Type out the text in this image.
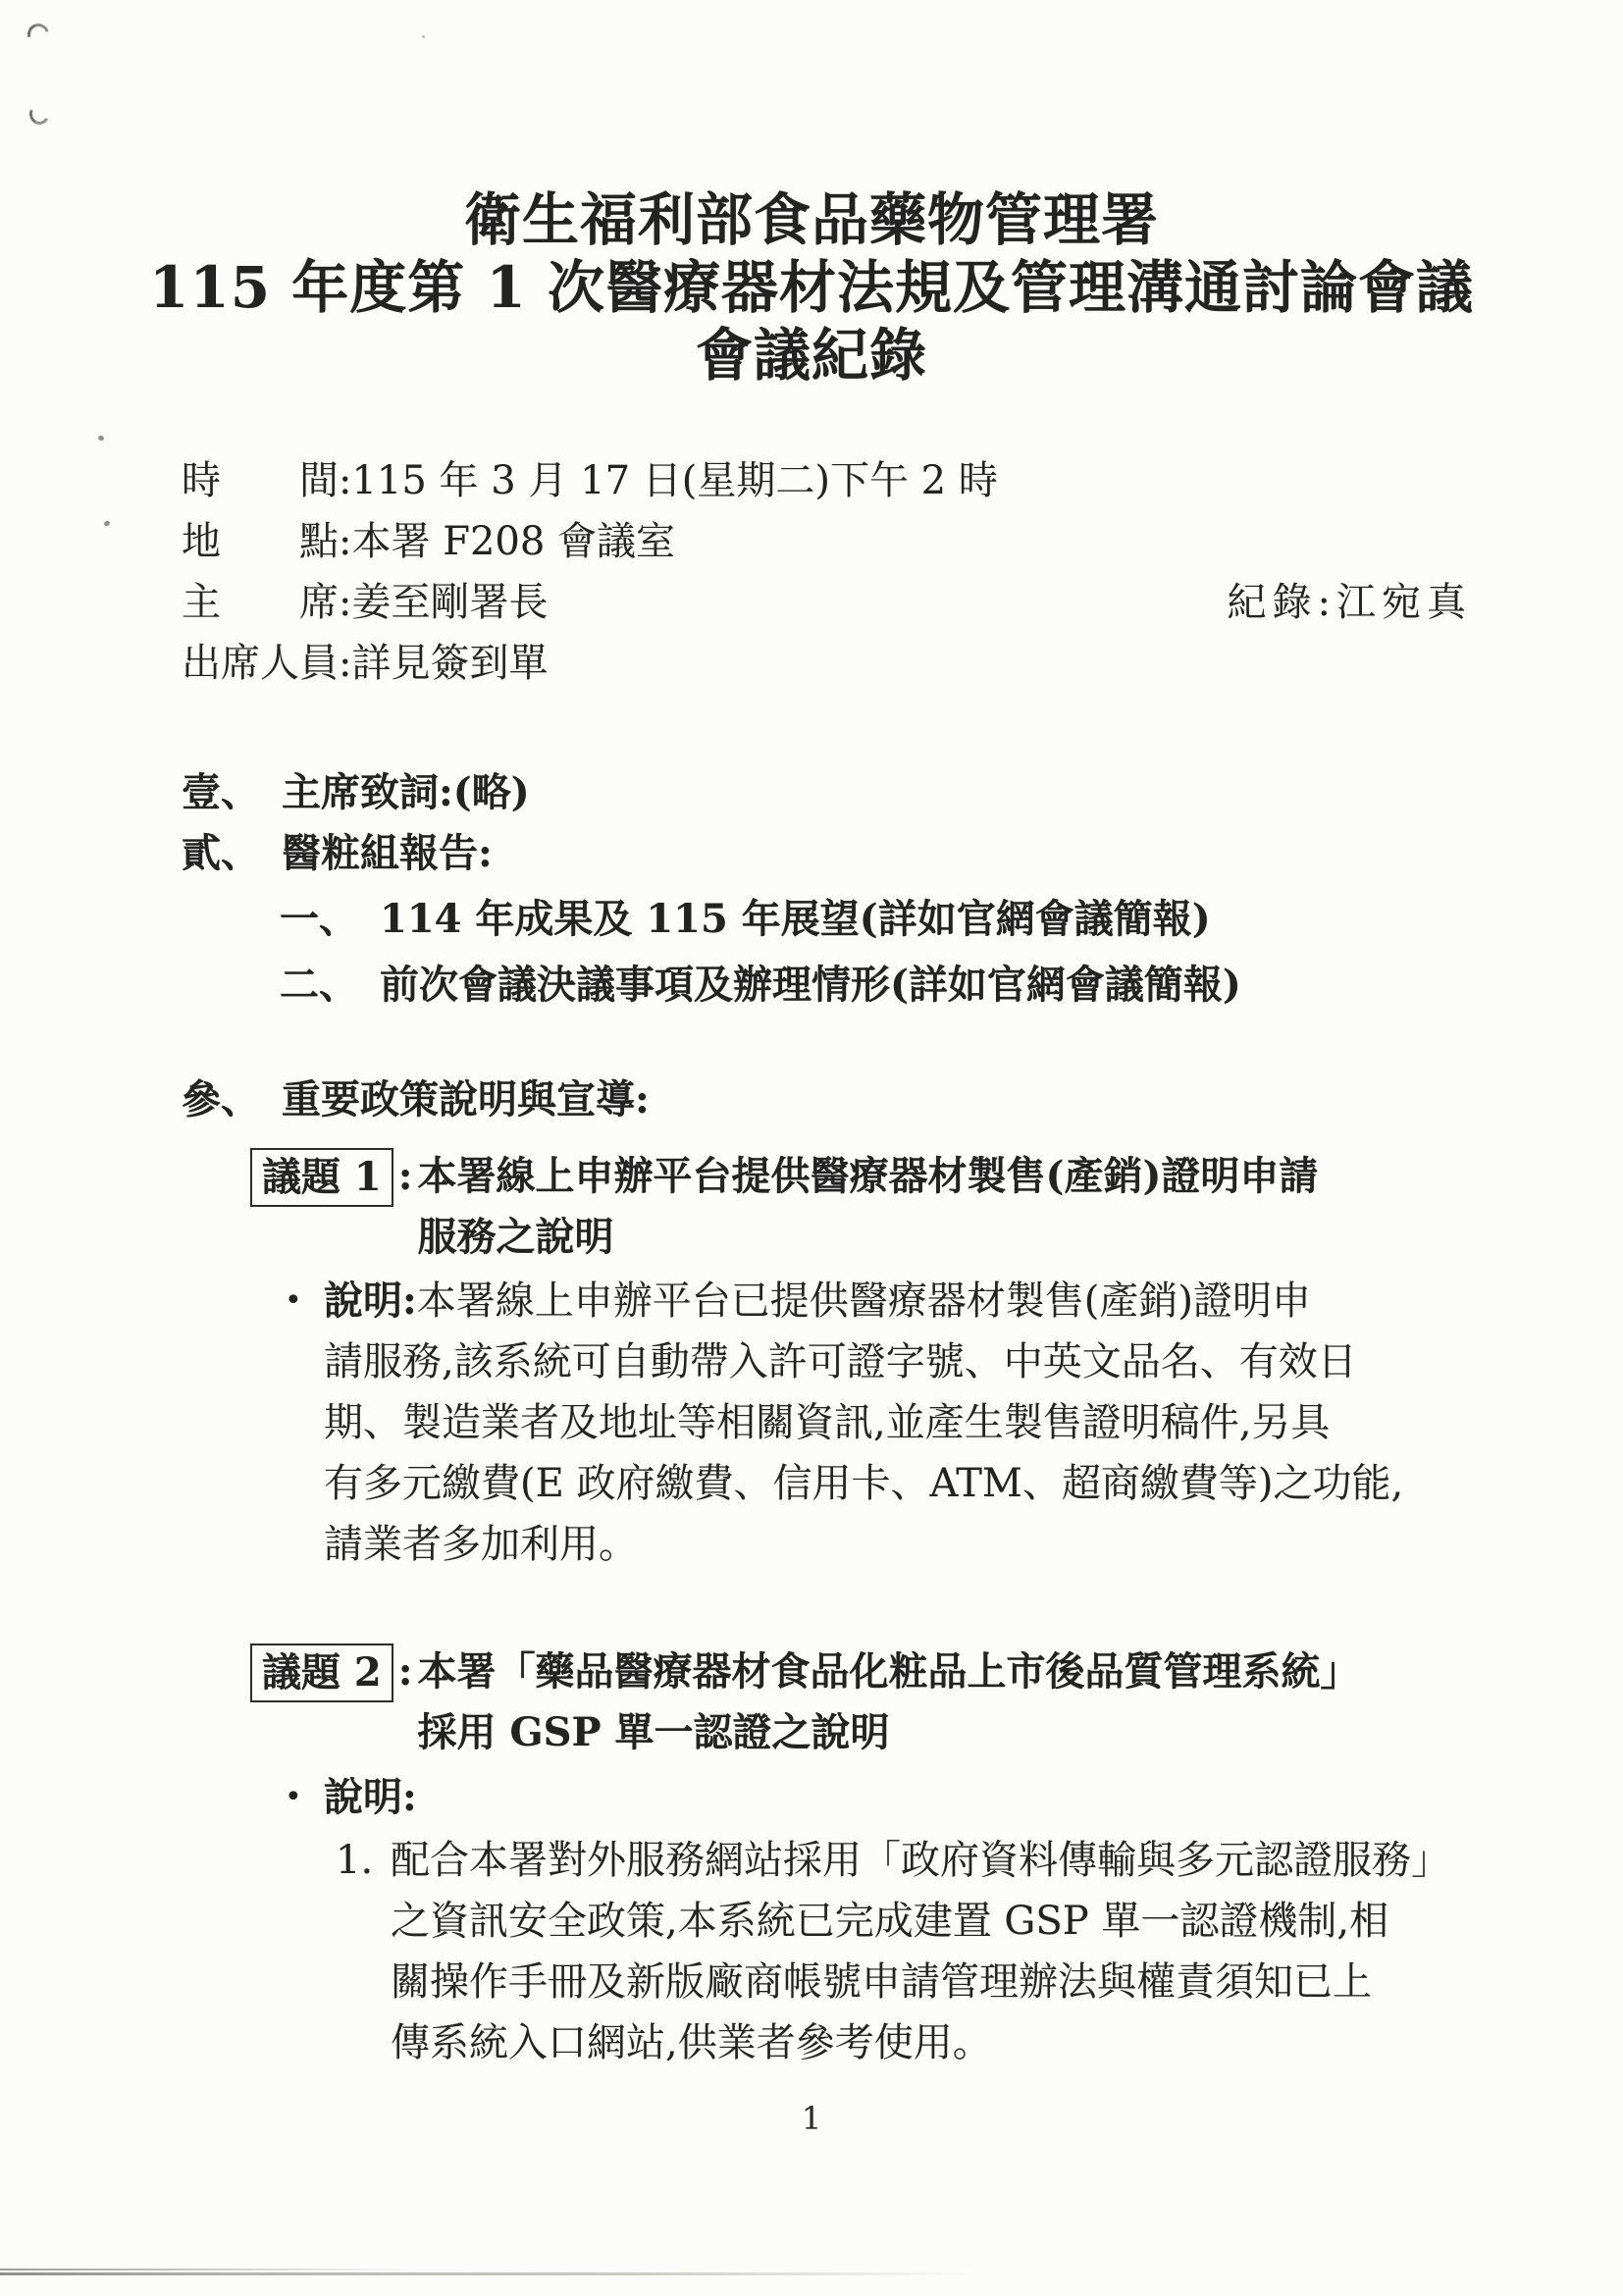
衛生福利部食品藥物管理署
115 年度第 1 次醫療器材法規及管理溝通討論會議
會議紀錄
時　　間: 115 年 3 月 17 日(星期二)下午 2 時
地　　點: 本署 F208 會議室
主　　席: 姜至剛署長	紀錄:江宛真
出席人員: 詳見簽到單
壹、 主席致詞:(略)
貳、 醫粧組報告:
一、 114 年成果及 115 年展望(詳如官網會議簡報)
二、 前次會議決議事項及辦理情形(詳如官網會議簡報)
參、 重要政策說明與宣導:
議題 1 : 本署線上申辦平台提供醫療器材製售(產銷)證明申請
服務之說明
• 說明:本署線上申辦平台已提供醫療器材製售(產銷)證明申
請服務,該系統可自動帶入許可證字號、中英文品名、有效日
期、製造業者及地址等相關資訊,並產生製售證明稿件,另具
有多元繳費(E 政府繳費、信用卡、ATM、超商繳費等)之功能,
請業者多加利用。
議題 2 : 本署「藥品醫療器材食品化粧品上市後品質管理系統」
採用 GSP 單一認證之說明
• 說明:
1. 配合本署對外服務網站採用「政府資料傳輸與多元認證服務」
之資訊安全政策,本系統已完成建置 GSP 單一認證機制,相
關操作手冊及新版廠商帳號申請管理辦法與權責須知已上
傳系統入口網站,供業者參考使用。
1
